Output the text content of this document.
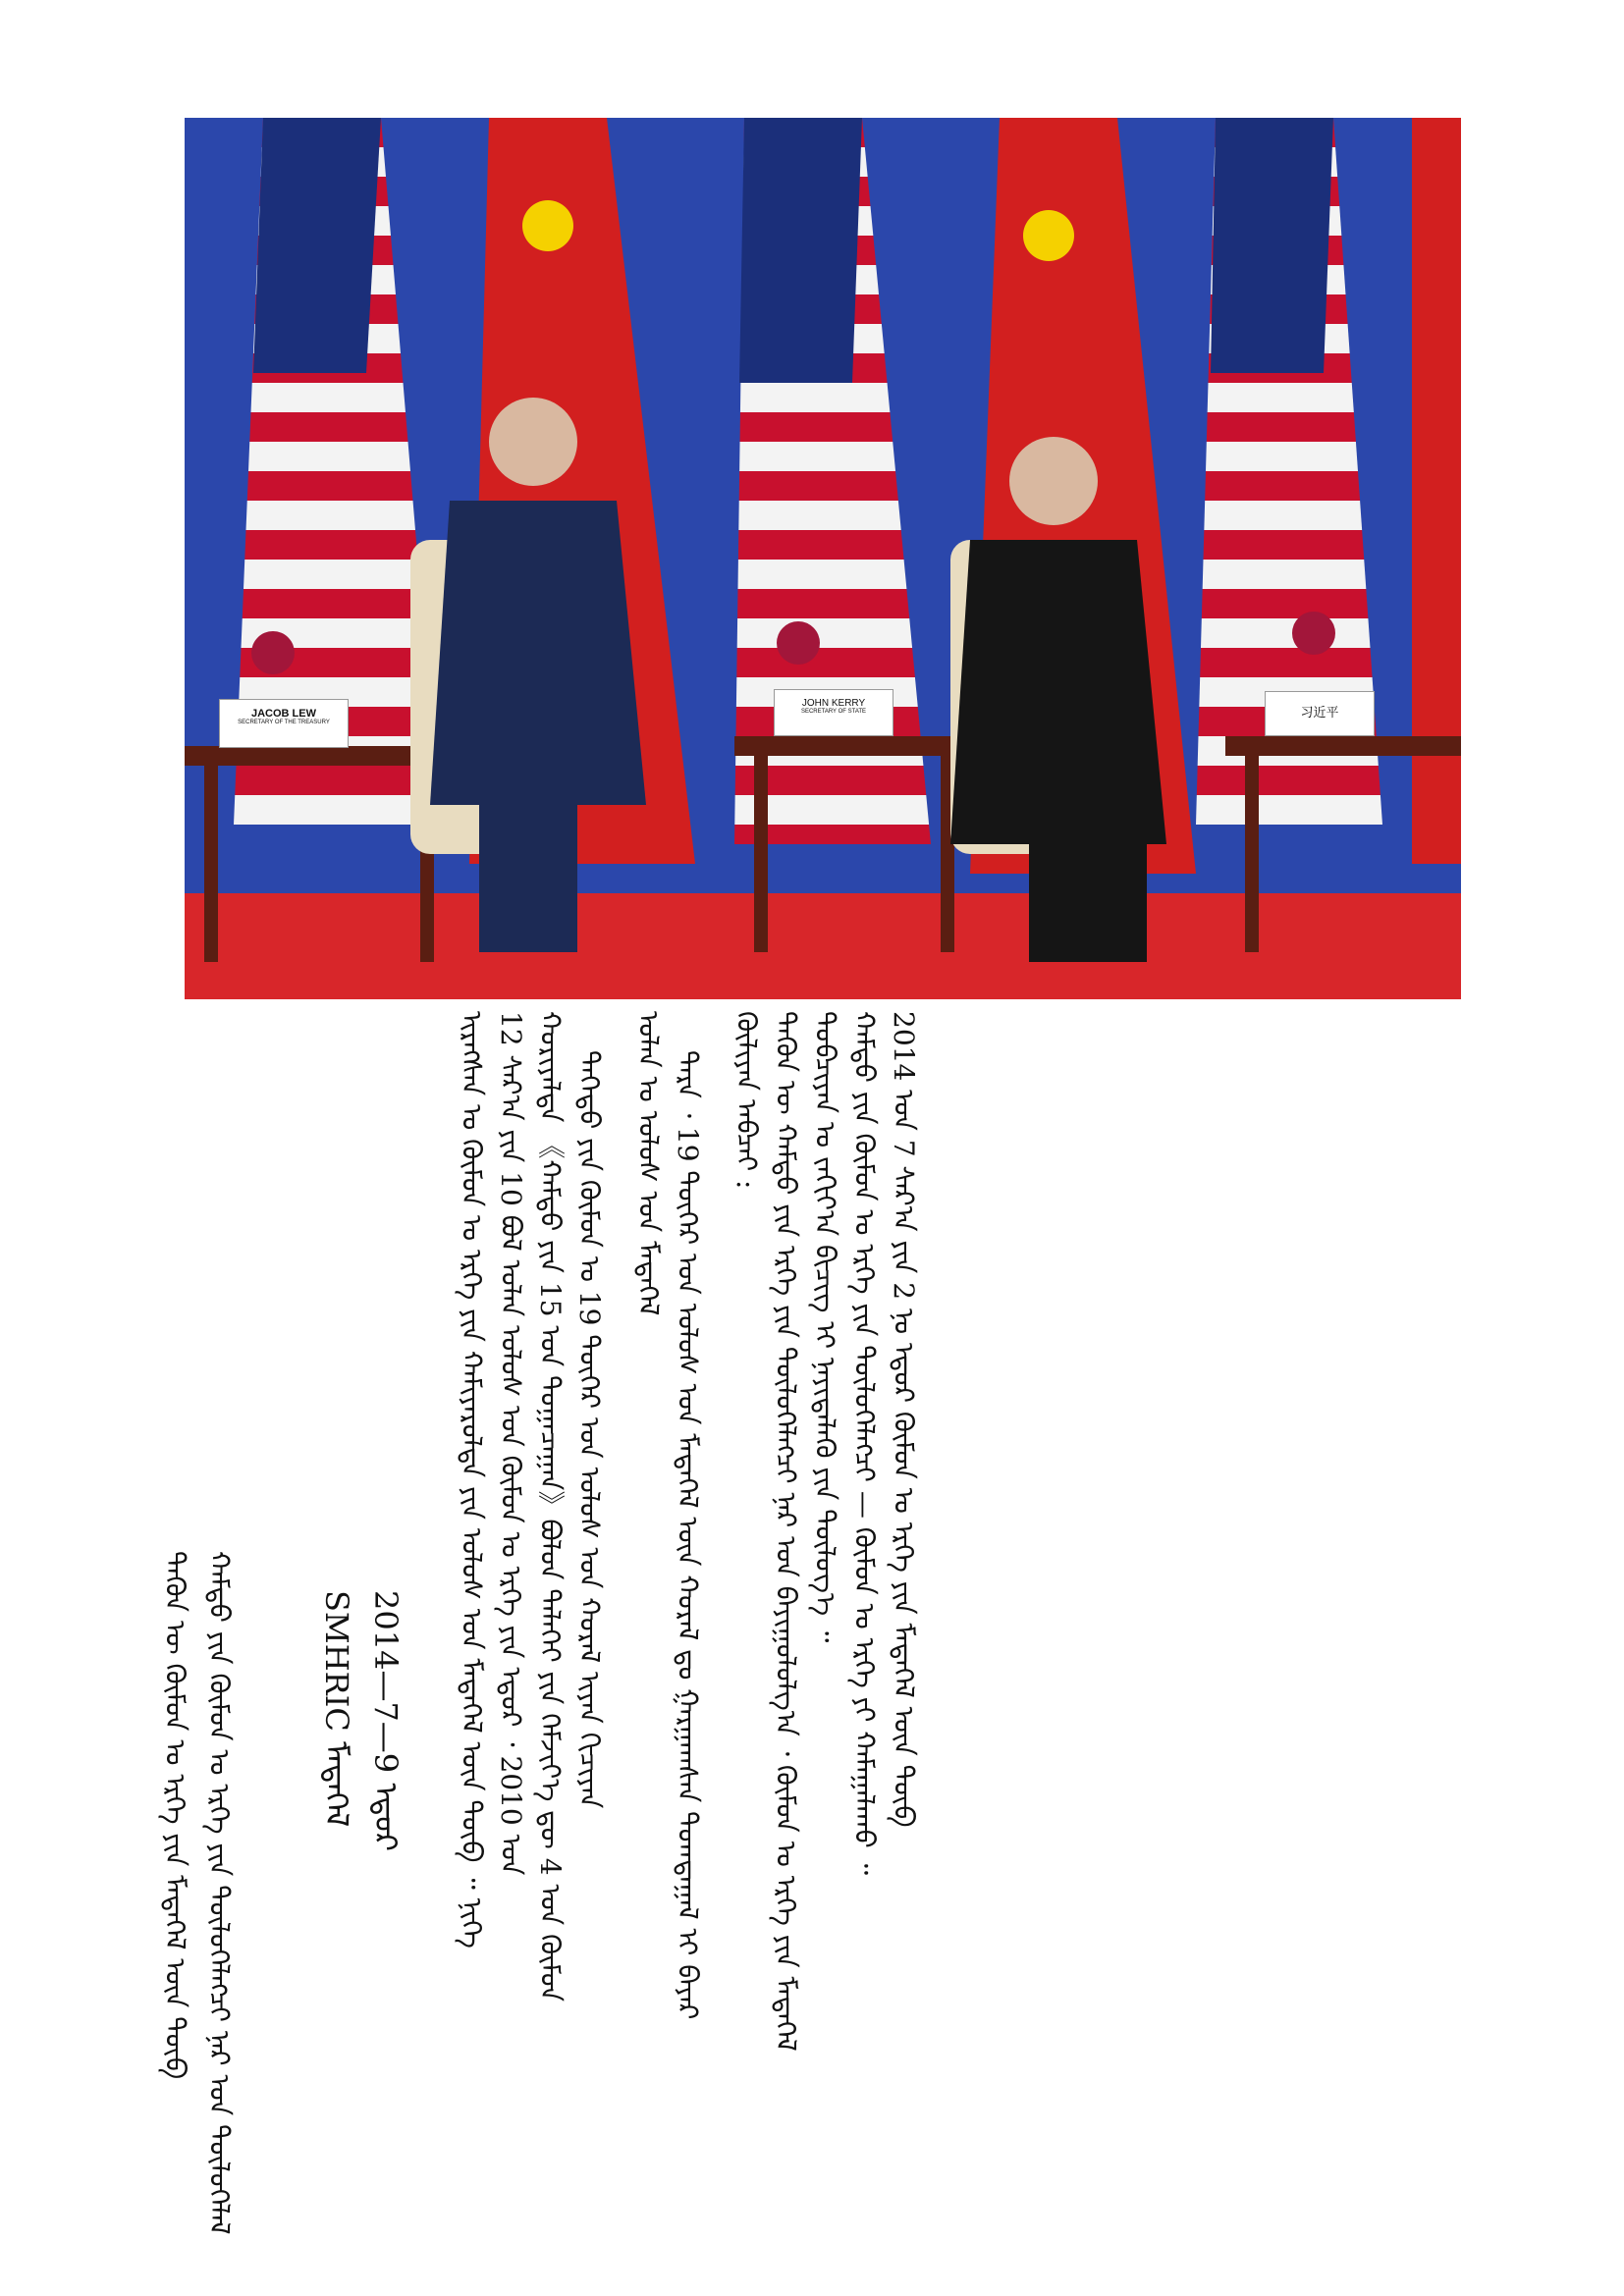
JACOB LEW
SECRETARY OF THE TREASURY
JOHN KERRY
SECRETARY OF STATE	习近平

ᠢᠷᠡᠭᠰᠡᠨ ᠤ ᠬᠥᠮᠦᠨ ᠤ ᠡᠷᠬᠡ ᠶᠢᠨ ᠬᠠᠮᠢᠶᠠᠷᠤᠯᠲᠠ ᠶᠢᠨ ᠤᠯᠤᠰ ᠤᠨ ᠮᠡᠳᠡᠭᠡᠯ ᠦᠨ ᠲᠥᠪ ᠃ ᠨᠢᠭᠡ 12 ᠰᠠᠷ᠎ᠠ ᠶᠢᠨ 10 ᠪᠣᠯ ᠣᠯᠠᠨ ᠤᠯᠤᠰ ᠤᠨ ᠬᠥᠮᠦᠨ ᠤ ᠡᠷᠬᠡ ᠶᠢᠨ ᠡᠳᠦᠷ ᠂ 2010 ᠣᠨ ᠬᠤᠷᠢᠶᠠᠯᠲᠠ 《ᠬᠠᠮᠲᠤ ᠶᠢᠨ 15 ᠤᠨ ᠲᠣᠭᠠᠴᠠᠭᠠᠨ》ᠪᠣᠯᠤᠨ ᠳᠡᠯᠡᠬᠡᠢ ᠶᠢᠨ ᠬᠡᠮᠵᠢᠶ᠎ᠡ ᠳᠦ 4 ᠤᠨ ᠬᠥᠮᠦᠨ ᠲᠡᠭᠡᠳᠦ ᠶᠢᠨ ᠬᠥᠮᠦᠨ ᠤ 19 ᠳᠦᠭᠡᠷ ᠤᠨ ᠤᠯᠤᠰ ᠤᠨ ᠬᠤᠷᠠᠯ ᠢᠶᠠᠨ ᠬᠢᠴᠢᠶᠡᠨ ᠣᠯᠠᠨ ᠤ ᠤᠯᠤᠰ ᠤᠨ ᠮᠡᠳᠡᠭᠡᠯ ᠲᠡᠷᠡ ᠂ 19 ᠳᠦᠭᠡᠷ ᠤᠨ ᠤᠯᠤᠰ ᠤᠨ ᠮᠡᠳᠡᠭᠡᠯ ᠦᠨ ᠬᠤᠷᠠᠯ ᠳᠤ ᠭᠠᠷᠭᠠᠭᠰᠠᠨ ᠲᠣᠭᠲᠠᠭᠠᠯ ᠢ ᠪᠠᠶᠠᠷ ᠬᠦᠯᠢᠶᠡᠨ ᠠᠪᠴᠠᠢ : ᠲᠡᠭᠦᠨ ᠦ ᠬᠠᠮᠲᠤ ᠶᠢᠨ ᠡᠷᠬᠡ ᠶᠢᠨ ᠲᠦᠯᠦᠭᠡᠯᠡᠭᠴᠢ ᠨᠠᠷ ᠤᠨ ᠪᠠᠶᠢᠭᠤᠯᠤᠯᠭ᠎ᠠ ᠂ ᠬᠥᠮᠦᠨ ᠤ ᠡᠷᠬᠡ ᠶᠢᠨ ᠮᠡᠳᠡᠭᠡᠯ ᠲᠣᠪᠴᠢᠶᠠᠨ ᠤ ᠵᠠᠬᠢᠶ᠎ᠠ ᠪᠢᠴᠢᠭ ᠢ ᠨᠡᠶᠢᠲᠡᠯᠡᠬᠦ ᠶᠢᠨ ᠲᠥᠯᠦᠭ᠎ᠡ ᠃ ᠬᠠᠮᠲᠤ ᠶᠢᠨ ᠬᠥᠮᠦᠨ ᠤ ᠡᠷᠬᠡ ᠶᠢᠨ ᠲᠥᠯᠦᠭᠡᠯᠡᠭᠴᠢ — ᠬᠥᠮᠦᠨ ᠤ ᠡᠷᠬᠡ ᠶᠢ ᠬᠠᠮᠠᠭᠠᠯᠠᠬᠤ ᠃ 2014 ᠣᠨ 7 ᠰᠠᠷ᠎ᠠ ᠶᠢᠨ 2 ᠨᠤ ᠡᠳᠦᠷ ᠬᠥᠮᠦᠨ ᠤ ᠡᠷᠬᠡ ᠶᠢᠨ ᠮᠡᠳᠡᠭᠡᠯ ᠦᠨ ᠲᠥᠪ

2014—7—9 ᠡᠳᠦᠷ
SMHRIC ᠮᠡᠳᠡᠭᠡᠯ
ᠬᠠᠮᠲᠤ ᠶᠢᠨ ᠬᠥᠮᠦᠨ ᠤ ᠡᠷᠬᠡ ᠶᠢᠨ ᠲᠥᠯᠦᠭᠡᠯᠡᠭᠴᠢ ᠨᠠᠷ ᠤᠨ ᠲᠦᠯᠦᠭᠡᠯᠡᠯ
ᠲᠡᠭᠦᠨ ᠦ ᠬᠥᠮᠦᠨ ᠤ ᠡᠷᠬᠡ ᠶᠢᠨ ᠮᠡᠳᠡᠭᠡᠯ ᠦᠨ ᠲᠥᠪ
